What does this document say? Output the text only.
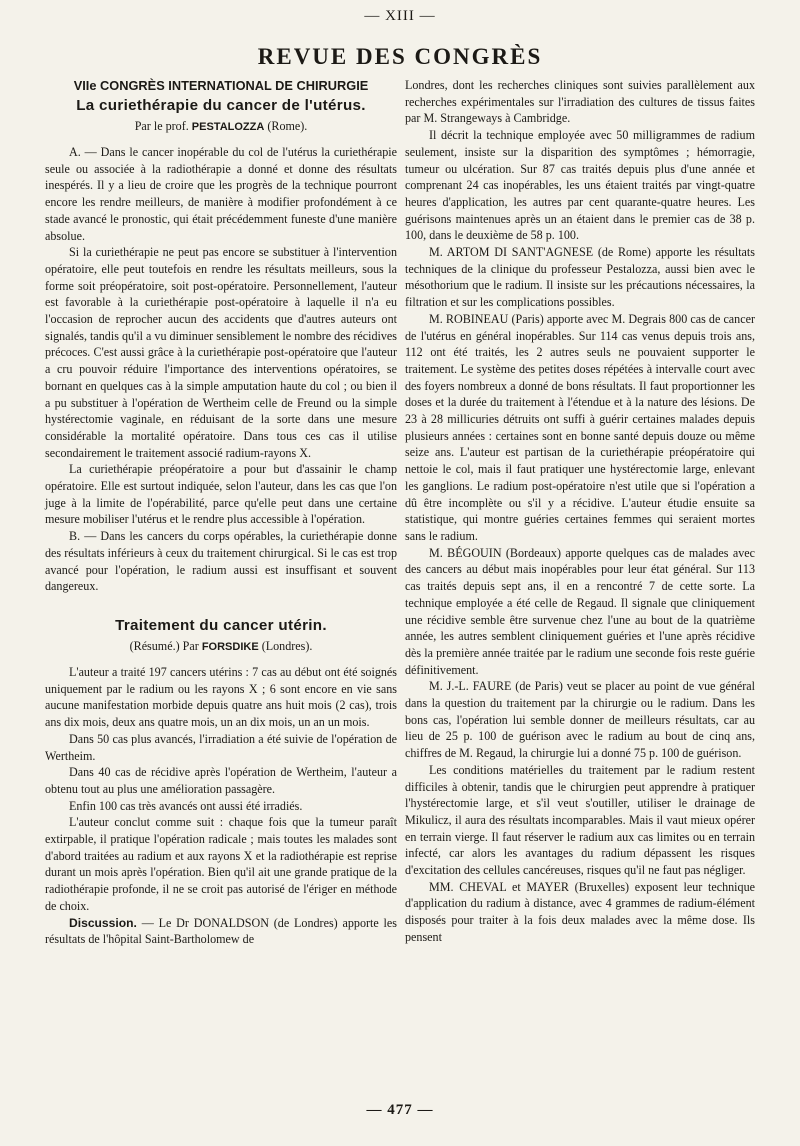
— XIII —
REVUE DES CONGRÈS
VIIe CONGRÈS INTERNATIONAL DE CHIRURGIE
La curiethérapie du cancer de l'utérus.
Par le prof. PESTALOZZA (Rome).

A. — Dans le cancer inopérable du col de l'utérus la curiethérapie seule ou associée à la radiothérapie a donné et donne des résultats inespérés. Il y a lieu de croire que les progrès de la technique pourront encore les rendre meilleurs, de manière à modifier profondément à ce stade avancé le pronostic, qui était précédemment funeste d'une manière absolue.

Si la curiethérapie ne peut pas encore se substituer à l'intervention opératoire, elle peut toutefois en rendre les résultats meilleurs, sous la forme soit préopératoire, soit post-opératoire. Personnellement, l'auteur est favorable à la curiethérapie post-opératoire à laquelle il n'a eu l'occasion de reprocher aucun des accidents que d'autres auteurs ont signalés, tandis qu'il a vu diminuer sensiblement le nombre des récidives précoces. C'est aussi grâce à la curiethérapie post-opératoire que l'auteur a cru pouvoir réduire l'importance des interventions opératoires, se bornant en quelques cas à la simple amputation haute du col ; ou bien il a pu substituer à l'opération de Wertheim celle de Freund ou la simple hystérectomie vaginale, en réduisant de la sorte dans une mesure considérable la mortalité opératoire. Dans tous ces cas il utilise secondairement le traitement associé radium-rayons X.

La curiethérapie préopératoire a pour but d'assainir le champ opératoire. Elle est surtout indiquée, selon l'auteur, dans les cas que l'on juge à la limite de l'opérabilité, parce qu'elle peut dans une certaine mesure mobiliser l'utérus et le rendre plus accessible à l'opération.

B. — Dans les cancers du corps opérables, la curiethérapie donne des résultats inférieurs à ceux du traitement chirurgical. Si le cas est trop avancé pour l'opération, le radium aussi est insuffisant et souvent dangereux.

Traitement du cancer utérin.
(Résumé.) Par FORSDIKE (Londres).

L'auteur a traité 197 cancers utérins : 7 cas au début ont été soignés uniquement par le radium ou les rayons X ; 6 sont encore en vie sans aucune manifestation morbide depuis quatre ans huit mois (2 cas), trois ans dix mois, deux ans quatre mois, un an dix mois, un an un mois.

Dans 50 cas plus avancés, l'irradiation a été suivie de l'opération de Wertheim.

Dans 40 cas de récidive après l'opération de Wertheim, l'auteur a obtenu tout au plus une amélioration passagère.

Enfin 100 cas très avancés ont aussi été irradiés.

L'auteur conclut comme suit : chaque fois que la tumeur paraît extirpable, il pratique l'opération radicale ; mais toutes les malades sont d'abord traitées au radium et aux rayons X et la radiothérapie est reprise durant un mois après l'opération. Bien qu'il ait une grande pratique de la radiothérapie profonde, il ne se croit pas autorisé de l'ériger en méthode de choix.

Discussion. — Le Dr DONALDSON (de Londres) apporte les résultats de l'hôpital Saint-Bartholomew de

Londres, dont les recherches cliniques sont suivies parallèlement aux recherches expérimentales sur l'irradiation des cultures de tissus faites par M. Strangeways à Cambridge.

Il décrit la technique employée avec 50 milligrammes de radium seulement, insiste sur la disparition des symptômes ; hémorragie, tumeur ou ulcération. Sur 87 cas traités depuis plus d'une année et comprenant 24 cas inopérables, les uns étaient traités par vingt-quatre heures d'application, les autres par cent quarante-quatre heures. Les guérisons maintenues après un an étaient dans le premier cas de 38 p. 100, dans le deuxième de 58 p. 100.

M. ARTOM DI SANT'AGNESE (de Rome) apporte les résultats techniques de la clinique du professeur Pestalozza, aussi bien avec le mésothorium que le radium. Il insiste sur les précautions nécessaires, la filtration et sur les complications possibles.

M. ROBINEAU (Paris) apporte avec M. Degrais 800 cas de cancer de l'utérus en général inopérables. Sur 114 cas venus depuis trois ans, 112 ont été traités, les 2 autres seuls ne pouvaient supporter le traitement. Le système des petites doses répétées à intervalle court avec des foyers nombreux a donné de bons résultats. Il faut proportionner les doses et la durée du traitement à l'étendue et à la nature des lésions. De 23 à 28 millicuries détruits ont suffi à guérir certaines malades depuis plusieurs années : certaines sont en bonne santé depuis douze ou même seize ans. L'auteur est partisan de la curiethérapie préopératoire qui nettoie le col, mais il faut pratiquer une hystérectomie large, enlevant les ganglions. Le radium post-opératoire n'est utile que si l'opération a dû être incomplète ou s'il y a récidive. L'auteur étudie ensuite sa statistique, qui montre guéries certaines femmes qui seraient mortes sans le radium.

M. BÉGOUIN (Bordeaux) apporte quelques cas de malades avec des cancers au début mais inopérables pour leur état général. Sur 113 cas traités depuis sept ans, il en a rencontré 7 de cette sorte. La technique employée a été celle de Regaud. Il signale que cliniquement une récidive semble être survenue chez l'une au bout de la quatrième année, les autres semblent cliniquement guéries et l'une après récidive dès la première année traitée par le radium une seconde fois reste guérie définitivement.

M. J.-L. FAURE (de Paris) veut se placer au point de vue général dans la question du traitement par la chirurgie ou le radium. Dans les bons cas, l'opération lui semble donner de meilleurs résultats, car au lieu de 25 p. 100 de guérison avec le radium au bout de cinq ans, chiffres de M. Regaud, la chirurgie lui a donné 75 p. 100 de guérison.

Les conditions matérielles du traitement par le radium restent difficiles à obtenir, tandis que le chirurgien peut apprendre à pratiquer l'hystérectomie large, et s'il veut s'outiller, utiliser le drainage de Mikulicz, il aura des résultats incomparables. Mais il vaut mieux opérer en terrain vierge. Il faut réserver le radium aux cas limites ou en terrain infecté, car alors les avantages du radium dépassent les risques d'excitation des cellules cancéreuses, risques qu'il ne faut pas négliger.

MM. CHEVAL et MAYER (Bruxelles) exposent leur technique d'application du radium à distance, avec 4 grammes de radium-élément disposés pour traiter à la fois deux malades avec la même dose. Ils pensent

— 477 —
